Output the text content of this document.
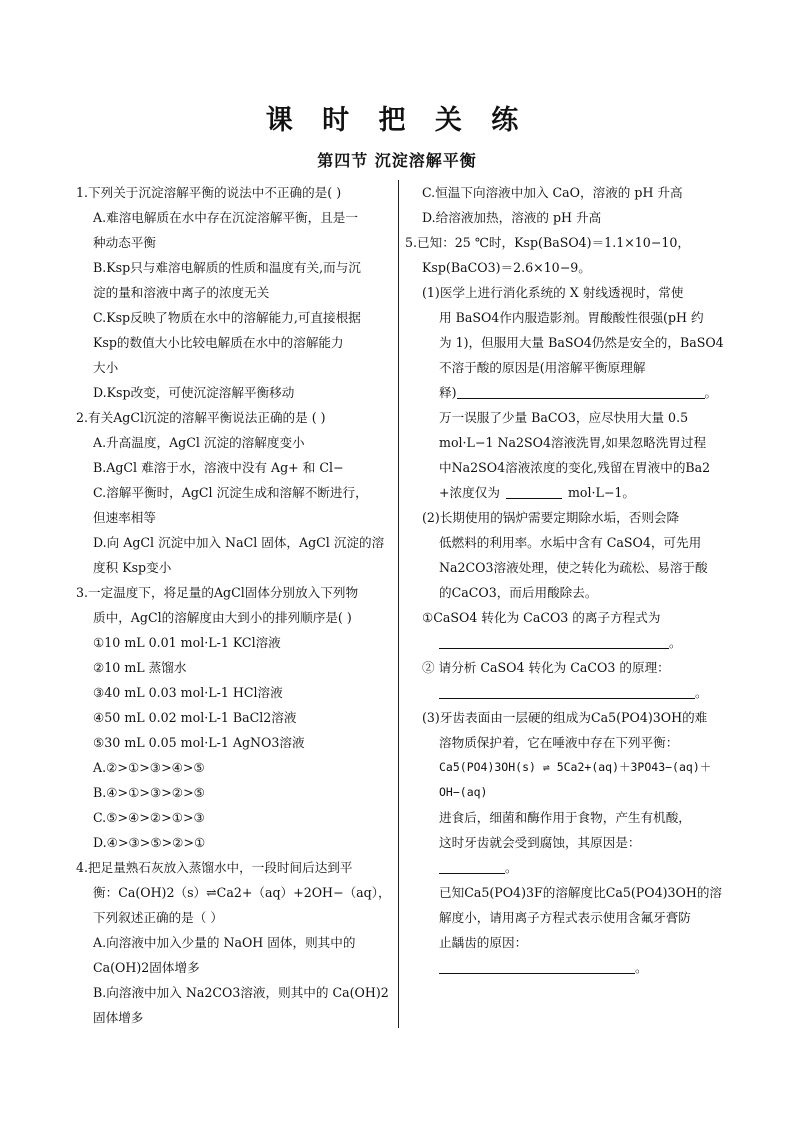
课 时 把 关 练
第四节 沉淀溶解平衡
1.下列关于沉淀溶解平衡的说法中不正确的是( )
A.难溶电解质在水中存在沉淀溶解平衡，且是一
种动态平衡
B.Ksp只与难溶电解质的性质和温度有关,而与沉
淀的量和溶液中离子的浓度无关
C.Ksp反映了物质在水中的溶解能力,可直接根据
Ksp的数值大小比较电解质在水中的溶解能力
大小
D.Ksp改变，可使沉淀溶解平衡移动
2.有关AgCl沉淀的溶解平衡说法正确的是 ( )
A.升高温度，AgCl 沉淀的溶解度变小
B.AgCl 难溶于水，溶液中没有 Ag+ 和 Cl−
C.溶解平衡时，AgCl 沉淀生成和溶解不断进行，
但速率相等
D.向 AgCl 沉淀中加入 NaCl 固体，AgCl 沉淀的溶
度积 Ksp变小
3.一定温度下，将足量的AgCl固体分别放入下列物
质中，AgCl的溶解度由大到小的排列顺序是( )
①10 mL 0.01 mol·L-1 KCl溶液
②10 mL 蒸馏水
③40 mL 0.03 mol·L-1 HCl溶液
④50 mL 0.02 mol·L-1 BaCl2溶液
⑤30 mL 0.05 mol·L-1 AgNO3溶液
A.②>①>③>④>⑤
B.④>①>③>②>⑤
C.⑤>④>②>①>③
D.④>③>⑤>②>①
4.把足量熟石灰放入蒸馏水中，一段时间后达到平
衡：Ca(OH)2（s）⇌Ca2+（aq）+2OH−（aq），
下列叙述正确的是（ ）
A.向溶液中加入少量的 NaOH 固体，则其中的
Ca(OH)2固体增多
B.向溶液中加入 Na2CO3溶液，则其中的 Ca(OH)2
固体增多
C.恒温下向溶液中加入 CaO，溶液的 pH 升高
D.给溶液加热，溶液的 pH 升高
5.已知：25 ℃时，Ksp(BaSO4)＝1.1×10−10，
Ksp(BaCO3)＝2.6×10−9。
(1)医学上进行消化系统的 X 射线透视时，常使
用 BaSO4作内服造影剂。胃酸酸性很强(pH 约
为 1)，但服用大量 BaSO4仍然是安全的，BaSO4
不溶于酸的原因是(用溶解平衡原理解
释)	。
万一误服了少量 BaCO3，应尽快用大量 0.5
mol·L−1 Na2SO4溶液洗胃,如果忽略洗胃过程
中Na2SO4溶液浓度的变化,残留在胃液中的Ba2
+浓度仅为	mol·L−1。
(2)长期使用的锅炉需要定期除水垢，否则会降
低燃料的利用率。水垢中含有 CaSO4，可先用
Na2CO3溶液处理，使之转化为疏松、易溶于酸
的CaCO3，而后用酸除去。
①CaSO4 转化为 CaCO3 的离子方程式为
。
② 请分析 CaSO4 转化为 CaCO3 的原理：
。
(3)牙齿表面由一层硬的组成为Ca5(PO4)3OH的难
溶物质保护着，它在唾液中存在下列平衡：
Ca5(PO4)3OH(s) ⇌ 5Ca2+(aq)＋3PO43−(aq)＋
OH−(aq)
进食后，细菌和酶作用于食物，产生有机酸，
这时牙齿就会受到腐蚀，其原因是：
。
已知Ca5(PO4)3F的溶解度比Ca5(PO4)3OH的溶
解度小，请用离子方程式表示使用含氟牙膏防
止龋齿的原因：
。
